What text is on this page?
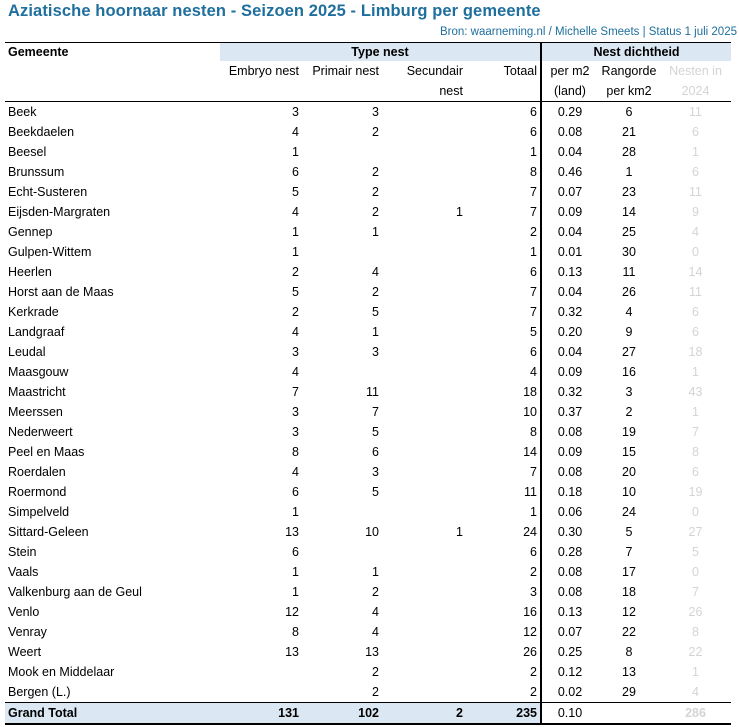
Aziatische hoornaar nesten - Seizoen 2025 - Limburg per gemeente
Bron: waarneming.nl / Michelle Smeets | Status 1 juli 2025
Gemeente	Type nest				Nest dichtheid		
	Embryo nest	Primair nest	Secundair	Totaal	per m2	Rangorde	Nesten in
			nest		(land)	per km2	2024
Beek	3	3		6	0.29	6	11
Beekdaelen	4	2		6	0.08	21	6
Beesel	1			1	0.04	28	1
Brunssum	6	2		8	0.46	1	6
Echt-Susteren	5	2		7	0.07	23	11
Eijsden-Margraten	4	2	1	7	0.09	14	9
Gennep	1	1		2	0.04	25	4
Gulpen-Wittem	1			1	0.01	30	0
Heerlen	2	4		6	0.13	11	14
Horst aan de Maas	5	2		7	0.04	26	11
Kerkrade	2	5		7	0.32	4	6
Landgraaf	4	1		5	0.20	9	6
Leudal	3	3		6	0.04	27	18
Maasgouw	4			4	0.09	16	1
Maastricht	7	11		18	0.32	3	43
Meerssen	3	7		10	0.37	2	1
Nederweert	3	5		8	0.08	19	7
Peel en Maas	8	6		14	0.09	15	8
Roerdalen	4	3		7	0.08	20	6
Roermond	6	5		11	0.18	10	19
Simpelveld	1			1	0.06	24	0
Sittard-Geleen	13	10	1	24	0.30	5	27
Stein	6			6	0.28	7	5
Vaals	1	1		2	0.08	17	0
Valkenburg aan de Geul	1	2		3	0.08	18	7
Venlo	12	4		16	0.13	12	26
Venray	8	4		12	0.07	22	8
Weert	13	13		26	0.25	8	22
Mook en Middelaar		2		2	0.12	13	1
Bergen (L.)		2		2	0.02	29	4
Grand Total	131	102	2	235	0.10		286
